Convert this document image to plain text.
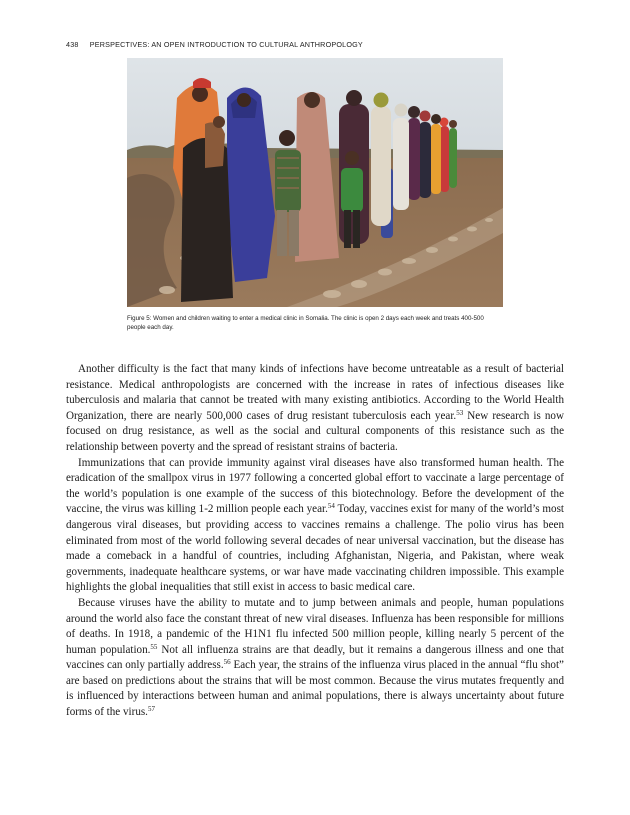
438 PERSPECTIVES: AN OPEN INTRODUCTION TO CULTURAL ANTHROPOLOGY
Figure 5: Women and children waiting to enter a medical clinic in Somalia. The clinic is open 2 days each week and treats 400-500 people each day.

Another difficulty is the fact that many kinds of infections have become untreatable as a result of bacterial resistance. Medical anthropologists are concerned with the increase in rates of infectious diseases like tuberculosis and malaria that cannot be treated with many existing antibiotics. According to the World Health Organization, there are nearly 500,000 cases of drug resistant tuberculosis each year.$^{53}$ New research is now focused on drug resistance, as well as the social and cultural components of this resistance such as the relationship between poverty and the spread of resistant strains of bacteria.

Immunizations that can provide immunity against viral diseases have also transformed human health. The eradication of the smallpox virus in 1977 following a concerted global effort to vaccinate a large percentage of the world’s population is one example of the success of this biotechnology. Before the development of the vaccine, the virus was killing 1-2 million people each year.$^{54}$ Today, vaccines exist for many of the world’s most dangerous viral diseases, but providing access to vaccines remains a challenge. The polio virus has been eliminated from most of the world following several decades of near universal vaccination, but the disease has made a comeback in a handful of countries, including Afghanistan, Nigeria, and Pakistan, where weak governments, inadequate healthcare systems, or war have made vaccinating children impossible. This example highlights the global inequalities that still exist in access to basic medical care.

Because viruses have the ability to mutate and to jump between animals and people, human populations around the world also face the constant threat of new viral diseases. Influenza has been responsible for millions of deaths. In 1918, a pandemic of the H1N1 flu infected 500 million people, killing nearly 5 percent of the human population.$^{55}$ Not all influenza strains are that deadly, but it remains a dangerous illness and one that vaccines can only partially address.$^{56}$ Each year, the strains of the influenza virus placed in the annual “flu shot” are based on predictions about the strains that will be most common. Because the virus mutates frequently and is influenced by interactions between human and animal populations, there is always uncertainty about future forms of the virus.$^{57}$
